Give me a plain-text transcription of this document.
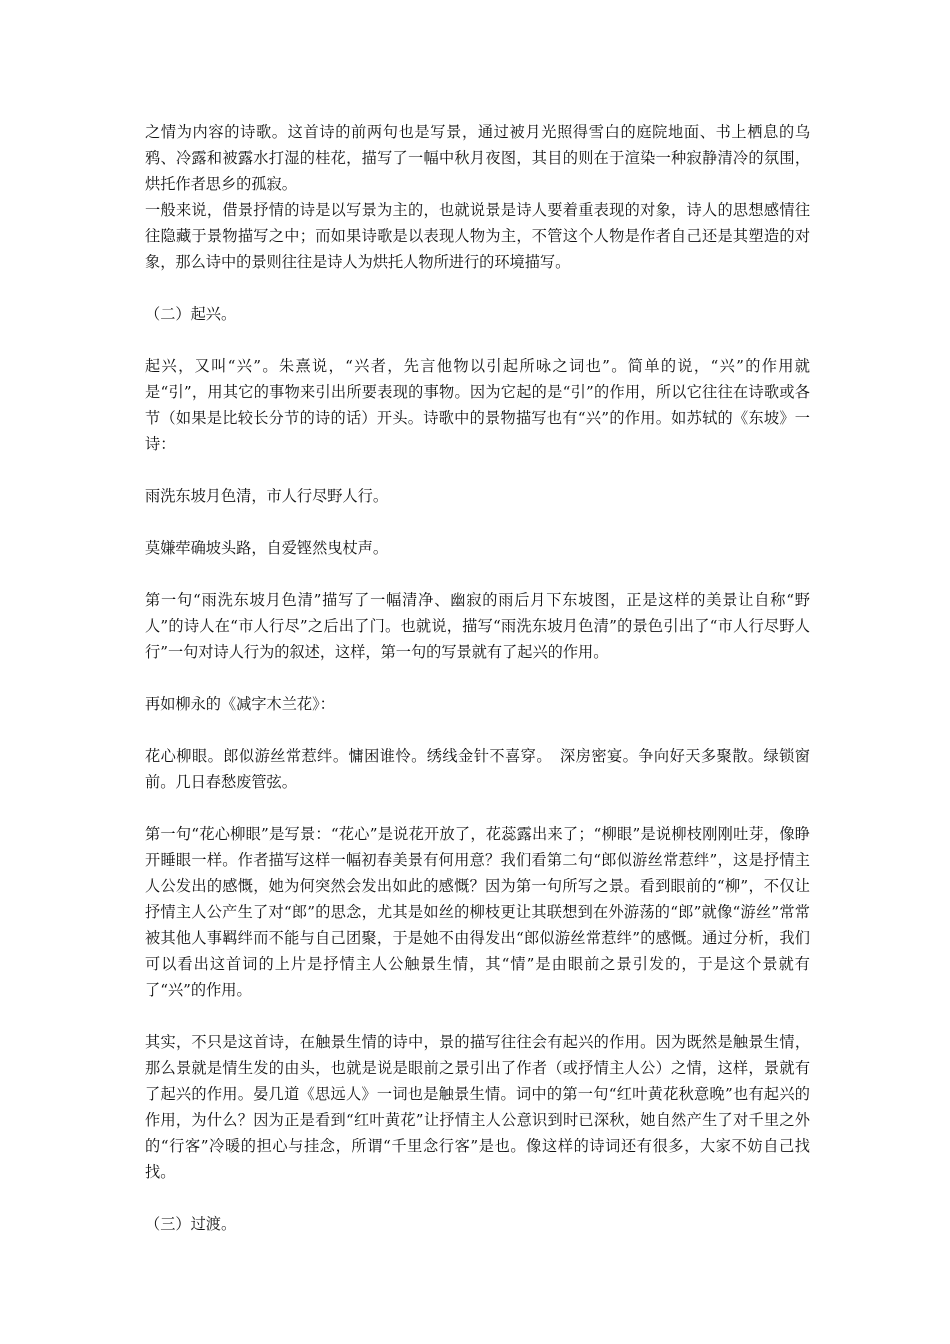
之情为内容的诗歌。这首诗的前两句也是写景，通过被月光照得雪白的庭院地面、书上栖息的乌鸦、冷露和被露水打湿的桂花，描写了一幅中秋月夜图，其目的则在于渲染一种寂静清冷的氛围，烘托作者思乡的孤寂。

一般来说，借景抒情的诗是以写景为主的，也就说景是诗人要着重表现的对象，诗人的思想感情往往隐藏于景物描写之中；而如果诗歌是以表现人物为主，不管这个人物是作者自己还是其塑造的对象，那么诗中的景则往往是诗人为烘托人物所进行的环境描写。

（二）起兴。

起兴，又叫“兴”。朱熹说，“兴者，先言他物以引起所咏之词也”。简单的说，“兴”的作用就是“引”，用其它的事物来引出所要表现的事物。因为它起的是“引”的作用，所以它往往在诗歌或各节（如果是比较长分节的诗的话）开头。诗歌中的景物描写也有“兴”的作用。如苏轼的《东坡》一诗：

雨洗东坡月色清，市人行尽野人行。

莫嫌荦确坡头路，自爱铿然曳杖声。

第一句“雨洗东坡月色清”描写了一幅清净、幽寂的雨后月下东坡图，正是这样的美景让自称“野人”的诗人在“市人行尽”之后出了门。也就说，描写“雨洗东坡月色清”的景色引出了“市人行尽野人行”一句对诗人行为的叙述，这样，第一句的写景就有了起兴的作用。

再如柳永的《减字木兰花》：

花心柳眼。郎似游丝常惹绊。慵困谁怜。绣线金针不喜穿。　深房密宴。争向好天多聚散。绿锁窗前。几日春愁废管弦。

第一句“花心柳眼”是写景：“花心”是说花开放了，花蕊露出来了；“柳眼”是说柳枝刚刚吐芽，像睁开睡眼一样。作者描写这样一幅初春美景有何用意？我们看第二句“郎似游丝常惹绊”，这是抒情主人公发出的感慨，她为何突然会发出如此的感慨？因为第一句所写之景。看到眼前的“柳”，不仅让抒情主人公产生了对“郎”的思念，尤其是如丝的柳枝更让其联想到在外游荡的“郎”就像“游丝”常常被其他人事羁绊而不能与自己团聚，于是她不由得发出“郎似游丝常惹绊”的感慨。通过分析，我们可以看出这首词的上片是抒情主人公触景生情，其“情”是由眼前之景引发的，于是这个景就有了“兴”的作用。

其实，不只是这首诗，在触景生情的诗中，景的描写往往会有起兴的作用。因为既然是触景生情，那么景就是情生发的由头，也就是说是眼前之景引出了作者（或抒情主人公）之情，这样，景就有了起兴的作用。晏几道《思远人》一词也是触景生情。词中的第一句“红叶黄花秋意晚”也有起兴的作用，为什么？因为正是看到“红叶黄花”让抒情主人公意识到时已深秋，她自然产生了对千里之外的“行客”冷暖的担心与挂念，所谓“千里念行客”是也。像这样的诗词还有很多，大家不妨自己找找。

（三）过渡。
